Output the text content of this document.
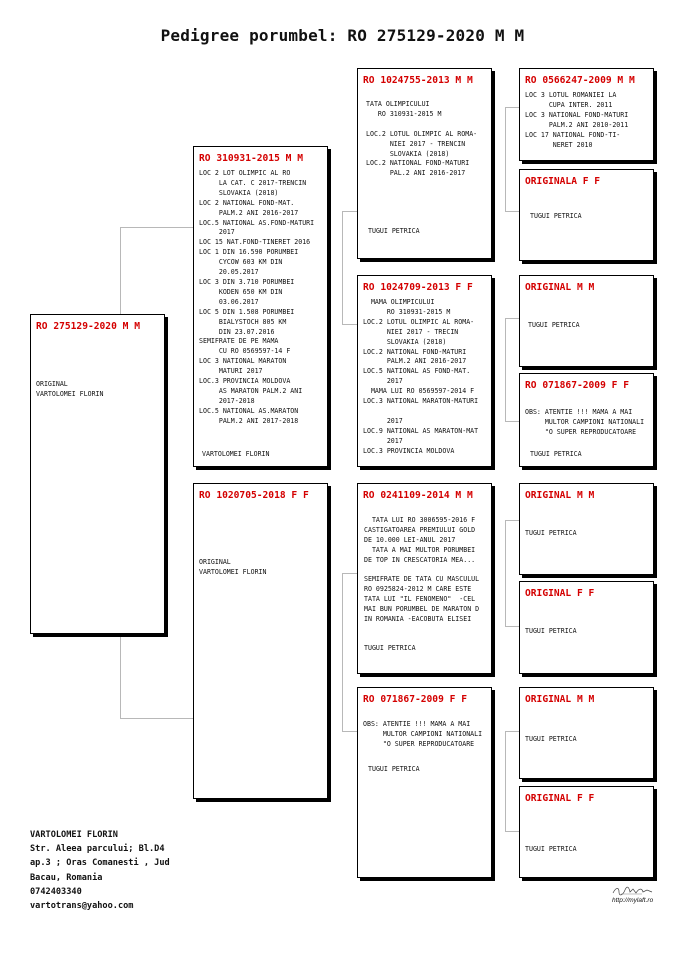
Pedigree porumbel: RO 275129-2020 M M
RO 275129-2020 M M
ORIGINAL
VARTOLOMEI FLORIN
RO 310931-2015 M M
LOC 2 LOT OLIMPIC AL RO
LA CAT. C 2017-TRENCIN
SLOVAKIA (2018)
LOC 2 NATIONAL FOND-MAT.
PALM.2 ANI 2016-2017
LOC.5 NATIONAL AS.FOND-MATURI
2017
LOC 15 NAT.FOND-TINERET 2016
LOC 1 DIN 16.590 PORUMBEI
CYCOW 603 KM DIN
20.05.2017
LOC 3 DIN 3.710 PORUMBEI
KODEN 650 KM DIN
03.06.2017
LOC 5 DIN 1.508 PORUMBEI
BIALYSTOCH 805 KM
DIN 23.07.2016
SEMIFRATE DE PE MAMA
CU RO 0569597-14 F
LOC 3 NATIONAL MARATON
MATURI 2017
LOC.3 PROVINCIA MOLDOVA
AS MARATON PALM.2 ANI
2017-2018
LOC.5 NATIONAL AS.MARATON
PALM.2 ANI 2017-2018
VARTOLOMEI FLORIN
RO 1020705-2018 F F
ORIGINAL
VARTOLOMEI FLORIN
RO 1024755-2013 M M
TATA OLIMPICULUI
RO 310931-2015 M

LOC.2 LOTUL OLIMPIC AL ROMA-
NIEI 2017 - TRENCIN
SLOVAKIA (2018)
LOC.2 NATIONAL FOND-MATURI
PAL.2 ANI 2016-2017
TUGUI PETRICA
RO 1024709-2013 F F
MAMA OLIMPICULUI
RO 310931-2015 M
LOC.2 LOTUL OLIMPIC AL ROMA-
NIEI 2017 - TRECIN
SLOVAKIA (2018)
LOC.2 NATIONAL FOND-MATURI
PALM.2 ANI 2016-2017
LOC.5 NATIONAL AS FOND-MAT.
2017
MAMA LUI RO 0569597-2014 F
LOC.3 NATIONAL MARATON-MATURI

2017
LOC.9 NATIONAL AS MARATON-MAT
2017
LOC.3 PROVINCIA MOLDOVA
RO 0241109-2014 M M
TATA LUI RO 3006595-2016 F
CASTIGATOAREA PREMIULUI GOLD
DE 10.000 LEI-ANUL 2017
TATA A MAI MULTOR PORUMBEI
DE TOP IN CRESCATORIA MEA...

SEMIFRATE DE TATA CU MASCULUL
RO 0925824-2012 M CARE ESTE
TATA LUI "IL FENOMENO"  -CEL
MAI BUN PORUMBEL DE MARATON D
IN ROMANIA -EACOBUTA ELISEI
TUGUI PETRICA
RO 071867-2009 F F
OBS: ATENTIE !!! MAMA A MAI
MULTOR CAMPIONI NATIONALI
"O SUPER REPRODUCATOARE
TUGUI PETRICA
RO 0566247-2009 M M
LOC 3 LOTUL ROMANIEI LA
CUPA INTER. 2011
LOC 3 NATIONAL FOND-MATURI
PALM.2 ANI 2010-2011
LOC 17 NATIONAL FOND-TI-
NERET 2010
ORIGINALA F F
TUGUI PETRICA
ORIGINAL M M
TUGUI PETRICA
RO 071867-2009 F F
OBS: ATENTIE !!! MAMA A MAI
MULTOR CAMPIONI NATIONALI
"O SUPER REPRODUCATOARE
TUGUI PETRICA
ORIGINAL M M
TUGUI PETRICA
ORIGINAL F F
TUGUI PETRICA
ORIGINAL M M
TUGUI PETRICA
ORIGINAL F F
TUGUI PETRICA
VARTOLOMEI FLORIN
Str. Aleea parcului; Bl.D4
ap.3 ; Oras Comanesti , Jud
Bacau, Romania
0742403340
vartotrans@yahoo.com
http://mylaft.ro
